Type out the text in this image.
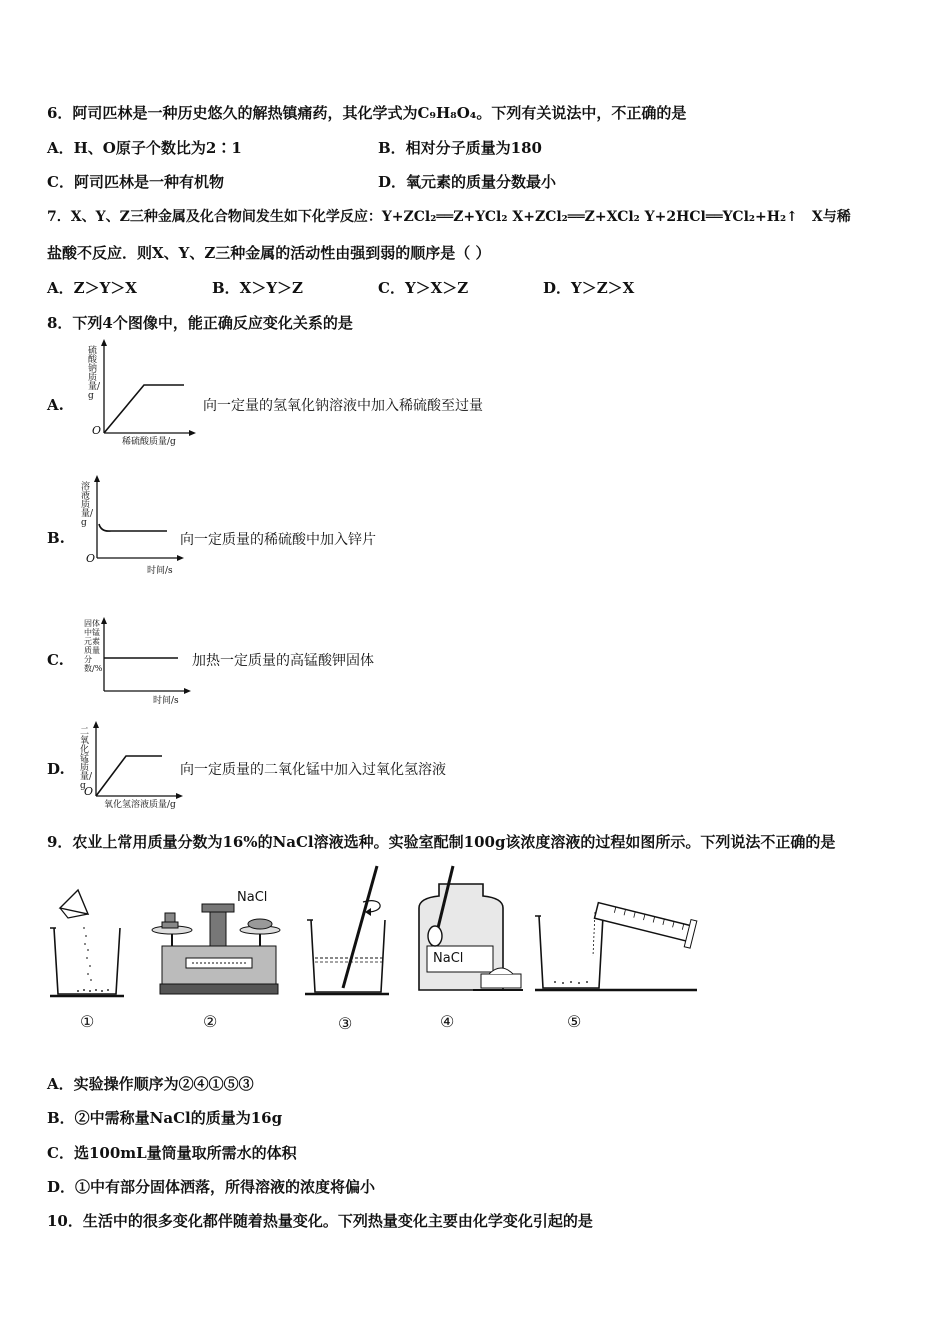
6．阿司匹林是一种历史悠久的解热镇痛药，其化学式为C₉H₈O₄。下列有关说法中，不正确的是
A．H、O原子个数比为2∶1	B．相对分子质量为180
C．阿司匹林是一种有机物	D．氧元素的质量分数最小
7．X、Y、Z三种金属及化合物间发生如下化学反应：Y+ZCl₂══Z+YCl₂ X+ZCl₂══Z+XCl₂ Y+2HCl══YCl₂+H₂↑　X与稀
盐酸不反应．则X、Y、Z三种金属的活动性由强到弱的顺序是（ ）
A．Z＞Y＞X	B．X＞Y＞Z	C．Y＞X＞Z	D．Y＞Z＞X
8．下列4个图像中，能正确反应变化关系的是
A.
硫酸钠质量/g
O
稀硫酸质量/g
向一定量的氢氧化钠溶液中加入稀硫酸至过量
B.
溶液质量/g
O
时间/s
向一定质量的稀硫酸中加入锌片
C.
固体中锰元素质量分数/%
时间/s
加热一定质量的高锰酸钾固体
D.
二氧化锰质量/g
O
氧化氢溶液质量/g
向一定质量的二氧化锰中加入过氧化氢溶液
9．农业上常用质量分数为16%的NaCl溶液选种。实验室配制100g该浓度溶液的过程如图所示。下列说法不正确的是
NaCl
NaCl
①	②	③	④	⑤
A．实验操作顺序为②④①⑤③
B．②中需称量NaCl的质量为16g
C．选100mL量筒量取所需水的体积
D．①中有部分固体洒落，所得溶液的浓度将偏小
10．生活中的很多变化都伴随着热量变化。下列热量变化主要由化学变化引起的是
